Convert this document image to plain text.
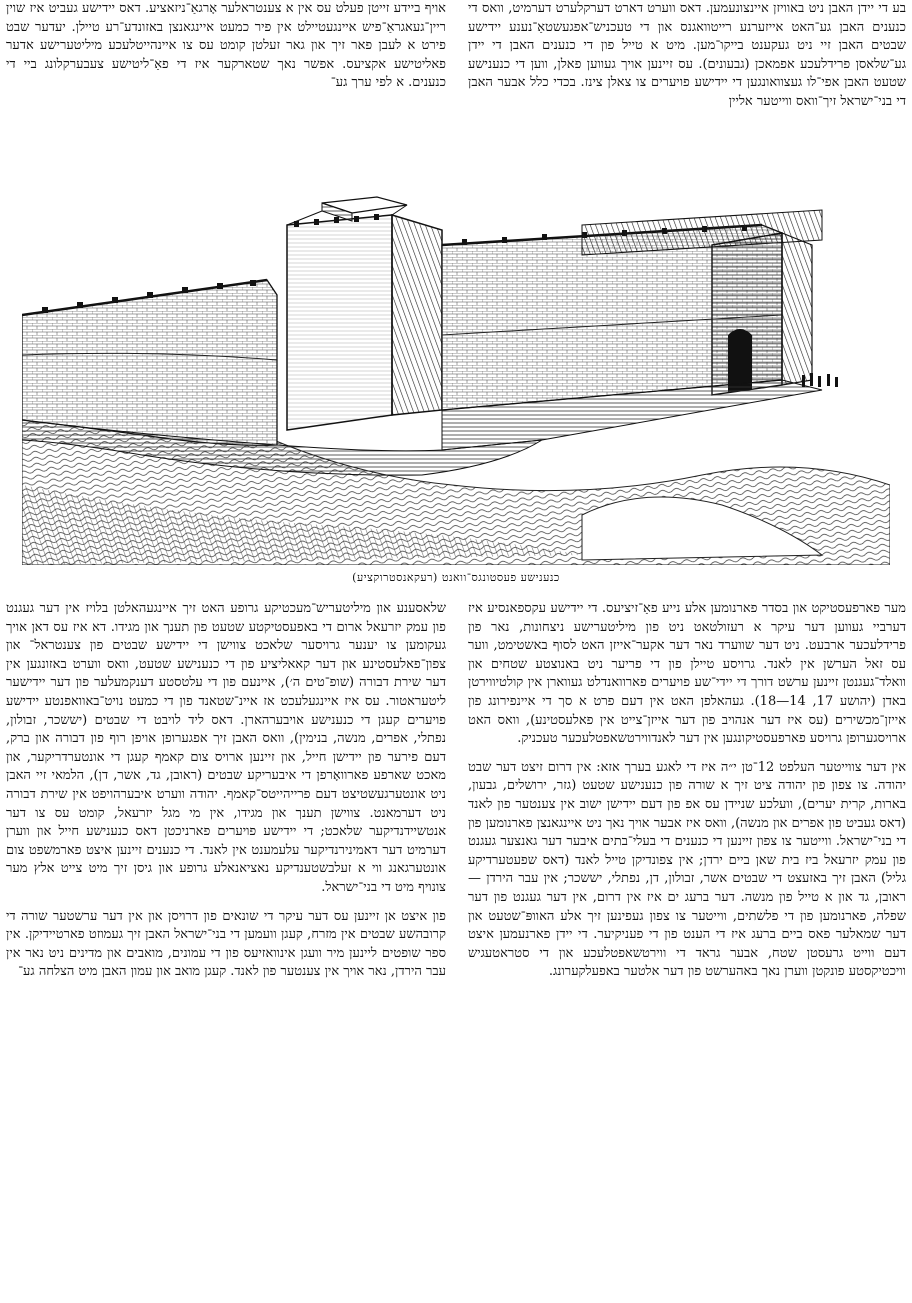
בע די יידן האבן ניט באוויזן איינצונעמען. דאס ווערט דארט דערקלערט דערמיט, וואס די כנענים האבן גע־האט אייזערנע רייטוואגנס און די טעכניש־אפגעשטאַ־נענע יידישע שבטים האבן זיי ניט געקענט בייקו־מען. מיט א טייל פון די כנענים האבן די יידן גע־שלאסן פרידלעכע אפמאכן (גבעונים). עס זיינען אויך געווען פאלן, ווען די כנענישע שטעט האבן אפי־לו געצוואונגען די יידישע פויערים צו צאלן צינז. בכדי כלל אבער האבן די בני־ישראל זיך־וואס ווייטער אליין

אויף ביידע זייטן פעלט עס אין א צענטראלער אָרגאַ־ניזאציע. דאס יידישע געביט איז שוין ריין־געאגראַ־פיש איינגעטיילט אין פיר כמעט איינגאנצן באזונדע־רע טיילן. יעדער שבט פירט א לעבן פאר זיך און גאר זעלטן קומט עס צו איינהייטלעכע מיליטערישע אדער פאליטישע אקציעס. אפשר נאך שטארקער איז די פאַ־ליטישע צעבערקלונג ביי די כנענים. א לפי ערך גע־

כנענישע פעסטונגס־וואנט (רעקאנסטרוקציע)

מער פארפעסטיקט און בסדר פארנומען אלע נייע פאַ־זיציעס. די יידישע עקספאנסיע איז דערביי געווען דער עיקר א רעזולטאט ניט פון מיליטערישע ניצחונות, נאר פון פרידלעכער ארבעט. ניט דער שווערד נאר דער אקער־אייזן האט לסוף באשטימט, ווער עס זאל הערשן אין לאנד. גרויסע טיילן פון די פריער ניט באנוצטע שטחים און וואלד־געגנטן זיינען ערשט דורך די יידי־שע פויערים פארוואנדלט געווארן אין קולטיווירטן באדן (יהושע 17, 14—18). געהאלפן האט אין דעם פרט א סך די איינפירונג פון אייזן־מכשירים (עס איז דער אנהויב פון דער אייזן־צייט אין פאלעסטינע), וואס האט ארויסגערופן גרויסע פארפעסטיקונגען אין דער לאנדווירטשאפטלעכער טעכניק.

אין דער צווייטער העלפט 12־טן י״ה איז די לאגע בערך אזא: אין דרום זיצט דער שבט יהודה. צו צפון פון יהודה ציט זיך א שורה פון כנענישע שטעט (גזר, ירושלים, גבעון, בארות, קרית יערים), וועלכע שניידן עס אפ פון דעם יידישן ישוב אין צענטער פון לאנד (דאס געביט פון אפרים און מנשה), וואס איז אבער אויך נאך ניט איינגאנצן פארנומען פון די בני־ישראל. ווייטער צו צפון זיינען די כנענים די בעלי־בתים איבער דער גאנצער געגנט פון עמק יזרעאל ביז בית שאן ביים ירדן; אין צפונדיקן טייל לאנד (דאס שפעטערדיקע גליל) האבן זיך באזעצט די שבטים אשר, זבולון, דן, נפתלי, יששכר; אין עבר הירדן — ראובן, גד און א טייל פון מנשה. דער ברעג ים איז אין דרום, אין דער געגנט פון דער שפלה, פארנומען פון די פלשתים, ווייטער צו צפון געפינען זיך אלע האוופּ־שטעט און דער שמאלער פאס ביים ברעג איז די הענט פון די פעניקיער. די יידן פארנעמען איצט דעם ווייט גרעסטן שטח, אבער גראד די ווירטשאפטלעכע און די סטראטעגיש וויכטיקסטע פונקטן ווערן נאך באהערשט פון דער אלטער באפעלקערונג.

שלאסענע און מיליטעריש־מעכטיקע גרופע האט זיך איינגעהאלטן בלויז אין דער געגנט פון עמק יזרעאל ארום די באפעסטיקטע שטעט פון תענך און מגידו. דא איז עס דאן אויך געקומען צו יענער גרויסער שלאכט צווישן די יידישע שבטים פון צענטראל־ און צפון־פאלעסטינע און דער קאאליציע פון די כנענישע שטעט, וואס ווערט באזונגען אין דער שירת דבורה (שופ־טים ה׳), איינעם פון די עלטסטע דענקמעלער פון דער יידישער ליטעראטור. עס איז איינגעלעכט אז איינ־שטאנד פון די כמעט נויט־באוואפנטע יידישע פויערים קעגן די כנענישע אויבערהארן. דאס ליד לויבט די שבטים (יששכר, זבולון, נפתלי, אפרים, מנשה, בנימין), וואס האבן זיך אפגערופן אויפן רוף פון דבורה און ברק, דעם פירער פון יידישן חייל, און זיינען ארויס צום קאמף קעגן די אונטערדריקער, און מאכט שארפע פארוואָרפן די איבעריקע שבטים (ראובן, גד, אשר, דן), הלמאי זיי האבן ניט אונטערגעשטיצט דעם פרייהייטס־קאמף. יהודה ווערט איבערהויפט אין שירת דבורה ניט דערמאנט. צווישן תענך און מגידו, אין מי מגל יזרעאל, קומט עס צו דער אנטשיידנדיקער שלאכט; די יידישע פויערים פארניכטן דאס כנענישע חייל און ווערן דערמיט דער דאמינירנדיקער עלעמענט אין לאנד. די כנענים זיינען איצט פארמשפט צום אונטערגאנג ווי א זעלבשטענדיקע נאציאנאלע גרופע און גיסן זיך מיט צייט אלץ מער צונויף מיט די בני־ישראל.

פון איצט אן זיינען עס דער עיקר די שונאים פון דרויסן און אין דער ערשטער שורה די קרובהשע שבטים אין מזרח, קעגן וועמען די בני־ישראל האבן זיך געמוזט פארטיידיקן. אין ספר שופטים ליינען מיר וועגן אינוואזיעס פון די עמונים, מואבים און מדינים ניט נאר אין עבר הירדן, נאר אויך אין צענטער פון לאנד. קעגן מואב און עמון האבן מיט הצלחה גע־
